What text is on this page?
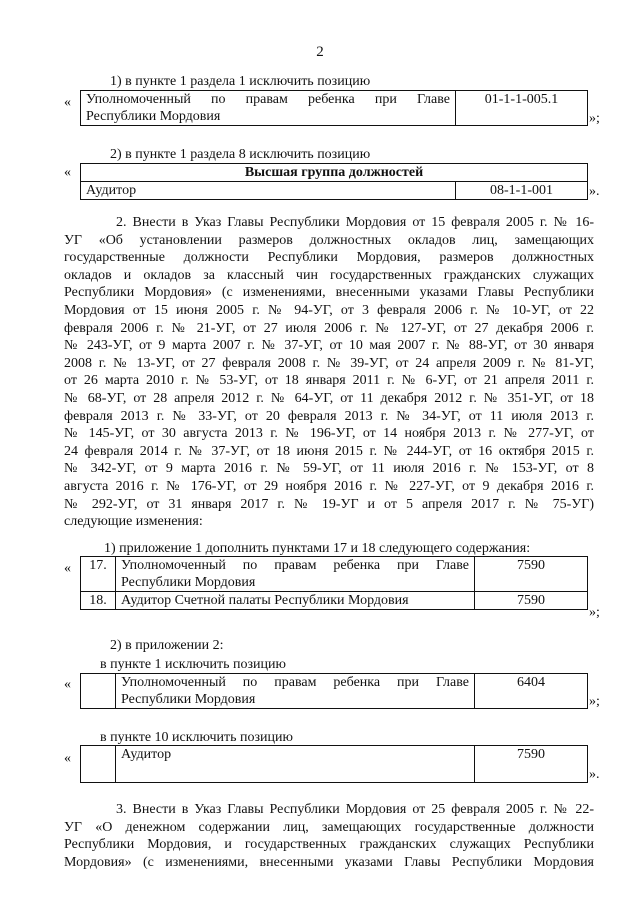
2
1) в пункте 1 раздела 1 исключить позицию
« Уполномоченный по правам ребенка при Главе
Республики Мордовия
	01-1-1-005.1
»;
2) в пункте 1 раздела 8 исключить позицию
«	Высшая группа должностей
Аудитор	08-1-1-001	».
2. Внести в Указ Главы Республики Мордовия от 15 февраля 2005 г. № 16-
УГ «Об установлении размеров должностных окладов лиц, замещающих
государственные должности Республики Мордовия, размеров должностных
окладов и окладов за классный чин государственных гражданских служащих
Республики Мордовия» (с изменениями, внесенными указами Главы Республики
Мордовия от 15 июня 2005 г. № 94-УГ, от 3 февраля 2006 г. № 10-УГ, от 22
февраля 2006 г. № 21-УГ, от 27 июля 2006 г. № 127-УГ, от 27 декабря 2006 г.
№ 243-УГ, от 9 марта 2007 г. № 37-УГ, от 10 мая 2007 г. № 88-УГ, от 30 января
2008 г. № 13-УГ, от 27 февраля 2008 г. № 39-УГ, от 24 апреля 2009 г. № 81-УГ,
от 26 марта 2010 г. № 53-УГ, от 18 января 2011 г. № 6-УГ, от 21 апреля 2011 г.
№ 68-УГ, от 28 апреля 2012 г. № 64-УГ, от 11 декабря 2012 г. № 351-УГ, от 18
февраля 2013 г. № 33-УГ, от 20 февраля 2013 г. № 34-УГ, от 11 июля 2013 г.
№ 145-УГ, от 30 августа 2013 г. № 196-УГ, от 14 ноября 2013 г. № 277-УГ, от
24 февраля 2014 г. № 37-УГ, от 18 июня 2015 г. № 244-УГ, от 16 октября 2015 г.
№ 342-УГ, от 9 марта 2016 г. № 59-УГ, от 11 июля 2016 г. № 153-УГ, от 8
августа 2016 г. № 176-УГ, от 29 ноября 2016 г. № 227-УГ, от 9 декабря 2016 г.
№ 292-УГ, от 31 января 2017 г. № 19-УГ и от 5 апреля 2017 г. № 75-УГ)
следующие изменения:
1) приложение 1 дополнить пунктами 17 и 18 следующего содержания:
« 17.	Уполномоченный по правам ребенка при Главе
Республики Мордовия	7590
18.	Аудитор Счетной палаты Республики Мордовия	7590
»;
2) в приложении 2:
в пункте 1 исключить позицию
«
		Уполномоченный по правам ребенка при Главе
Республики Мордовия
	6404
»;
в пункте 10 исключить позицию
«
		Аудитор	7590
».
3. Внести в Указ Главы Республики Мордовия от 25 февраля 2005 г. № 22-
УГ «О денежном содержании лиц, замещающих государственные должности
Республики Мордовия, и государственных гражданских служащих Республики
Мордовия» (с изменениями, внесенными указами Главы Республики Мордовия
